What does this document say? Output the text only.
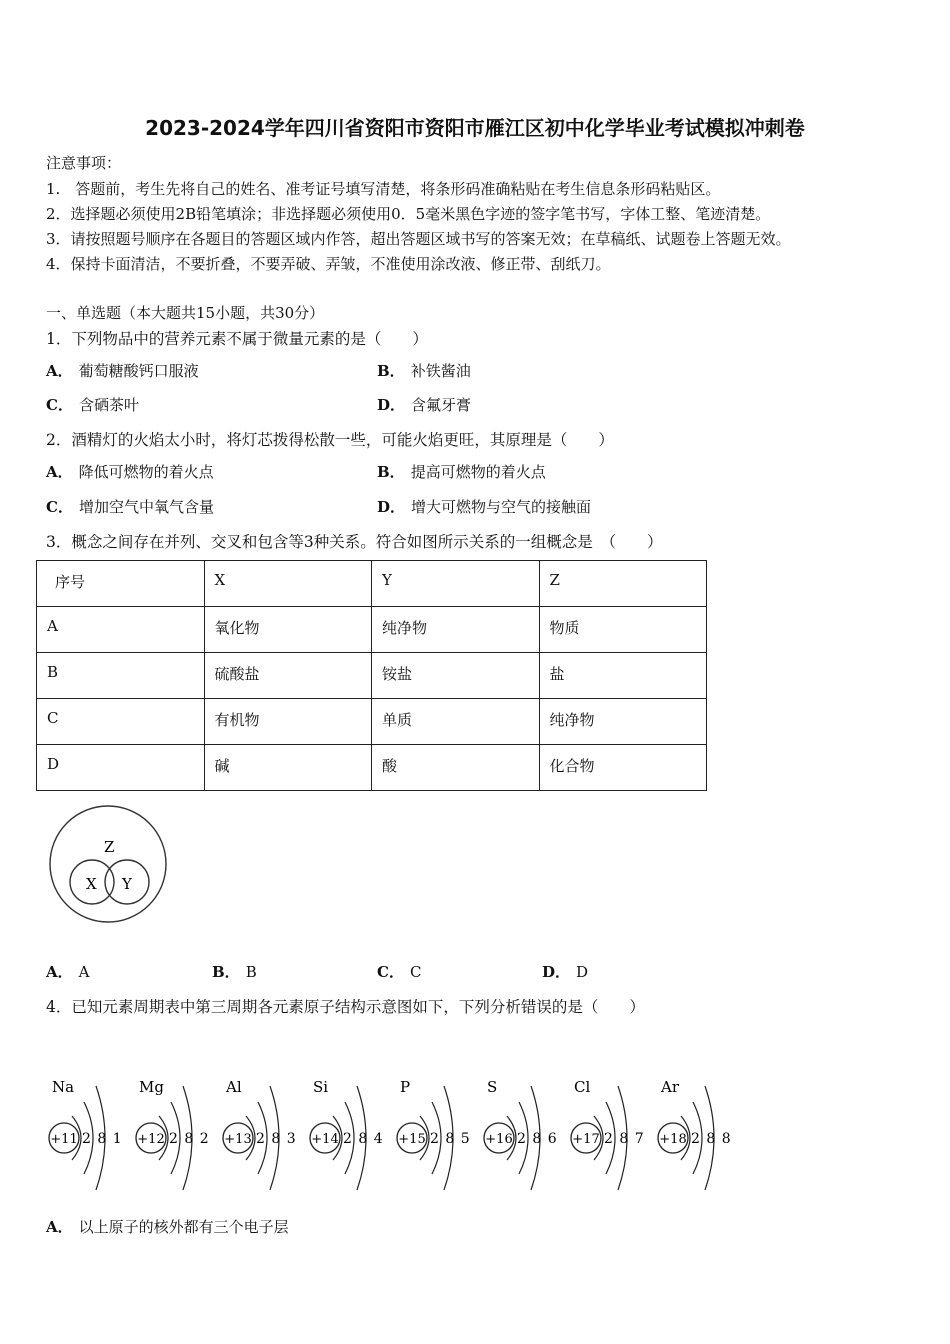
2023-2024学年四川省资阳市资阳市雁江区初中化学毕业考试模拟冲刺卷
注意事项：
1.　答题前，考生先将自己的姓名、准考证号填写清楚，将条形码准确粘贴在考生信息条形码粘贴区。
2．选择题必须使用2B铅笔填涂；非选择题必须使用0．5毫米黑色字迹的签字笔书写，字体工整、笔迹清楚。
3．请按照题号顺序在各题目的答题区域内作答，超出答题区域书写的答案无效；在草稿纸、试题卷上答题无效。
4．保持卡面清洁，不要折叠，不要弄破、弄皱，不准使用涂改液、修正带、刮纸刀。
一、单选题（本大题共15小题，共30分）
1．下列物品中的营养元素不属于微量元素的是（　　）
A． 葡萄糖酸钙口服液	B． 补铁酱油
C． 含硒茶叶	D． 含氟牙膏
2．酒精灯的火焰太小时，将灯芯拨得松散一些，可能火焰更旺，其原理是（　　）
A． 降低可燃物的着火点	B． 提高可燃物的着火点
C． 增加空气中氧气含量	D． 增大可燃物与空气的接触面
3．概念之间存在并列、交叉和包含等3种关系。符合如图所示关系的一组概念是　（　　）
序号	X	Y	Z
A	氧化物	纯净物	物质
B	硫酸盐	铵盐	盐
C	有机物	单质	纯净物
D	碱	酸	化合物
Z
X Y
A． A	B． B	C． C	D． D
4．已知元素周期表中第三周期各元素原子结构示意图如下，下列分析错误的是（　　）
Na
+11 2 8 1
Mg
+12 2 8 2
Al
+13 2 8 3
Si
+14 2 8 4
P
+15 2 8 5
S
+16 2 8 6
Cl
+17 2 8 7
Ar
+18 2 8 8
A． 以上原子的核外都有三个电子层
